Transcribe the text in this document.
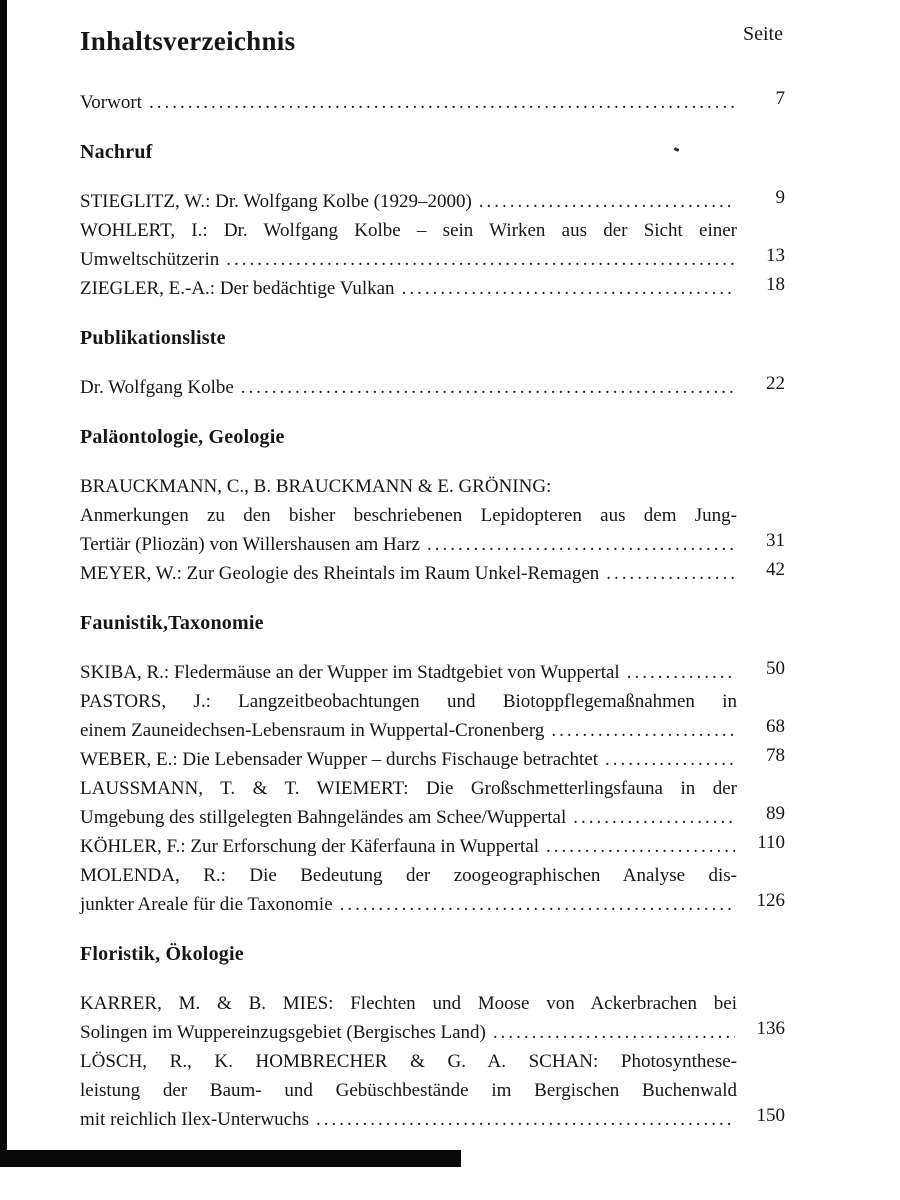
Inhaltsverzeichnis	Seite
Vorwort .....	7
Nachruf
STIEGLITZ, W.: Dr. Wolfgang Kolbe (1929–2000) .....	9
WOHLERT, I.: Dr. Wolfgang Kolbe – sein Wirken aus der Sicht einer
Umweltschützerin .....	13
ZIEGLER, E.-A.: Der bedächtige Vulkan .....	18
Publikationsliste
Dr. Wolfgang Kolbe .....	22
Paläontologie, Geologie
BRAUCKMANN, C., B. BRAUCKMANN & E. GRÖNING:
Anmerkungen zu den bisher beschriebenen Lepidopteren aus dem Jung-
Tertiär (Pliozän) von Willershausen am Harz .....	31
MEYER, W.: Zur Geologie des Rheintals im Raum Unkel-Remagen .....	42
Faunistik,Taxonomie
SKIBA, R.: Fledermäuse an der Wupper im Stadtgebiet von Wuppertal .....	50
PASTORS, J.: Langzeitbeobachtungen und Biotoppflegemaßnahmen in
einem Zauneidechsen-Lebensraum in Wuppertal-Cronenberg .....	68
WEBER, E.: Die Lebensader Wupper – durchs Fischauge betrachtet .....	78
LAUSSMANN, T. & T. WIEMERT: Die Großschmetterlingsfauna in der
Umgebung des stillgelegten Bahngeländes am Schee/Wuppertal .....	89
KÖHLER, F.: Zur Erforschung der Käferfauna in Wuppertal .....	110
MOLENDA, R.: Die Bedeutung der zoogeographischen Analyse dis-
junkter Areale für die Taxonomie .....	126
Floristik, Ökologie
KARRER, M. & B. MIES: Flechten und Moose von Ackerbrachen bei
Solingen im Wuppereinzugsgebiet (Bergisches Land) .....	136
LÖSCH, R., K. HOMBRECHER & G. A. SCHAN: Photosynthese-
leistung der Baum- und Gebüschbestände im Bergischen Buchenwald
mit reichlich Ilex-Unterwuchs .....	150
